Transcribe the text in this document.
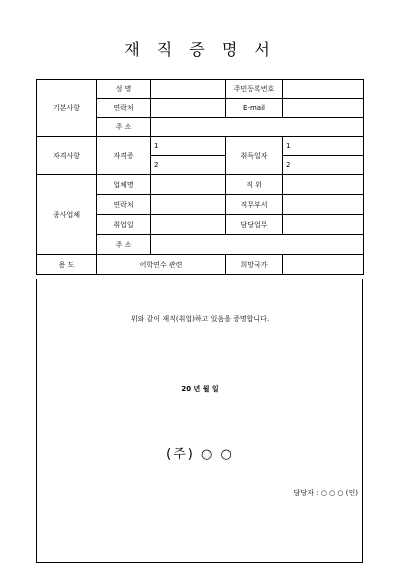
재 직 증 명 서
기본사항	성 명		주민등록번호	
	연락처		E-mail	
	주 소			
자격사항	자격증	1	취득일자	1
		2		2
종사업체	업체명		직 위	
	연락처		직무부서	
	취업일		담당업무	
	주 소			
용 도	어학연수 관련		희망국가	
위와 같이 재직(취업)하고 있음을 증명합니다.
20 년 월 일
(주) ○ ○
담당자 : ○ ○ ○ (인)
